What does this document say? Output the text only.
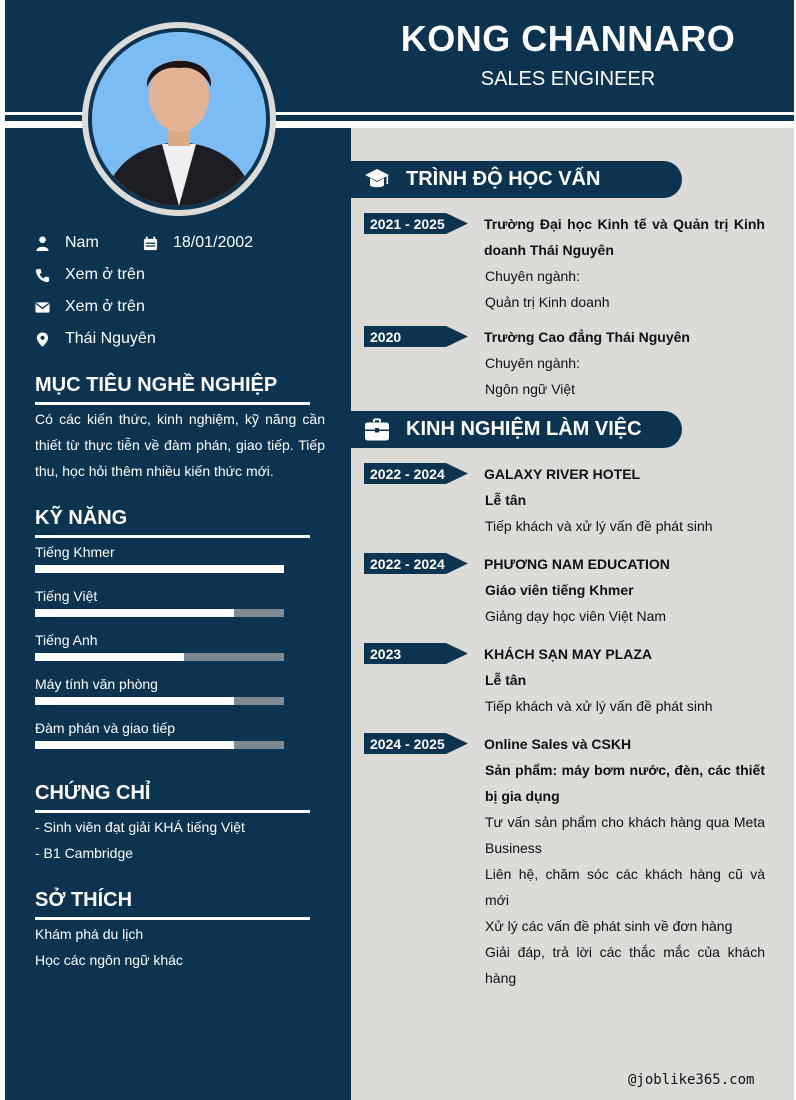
KONG CHANNARO
SALES ENGINEER
Nam	18/01/2002
Xem ở trên
Xem ở trên
Thái Nguyên
MỤC TIÊU NGHỀ NGHIỆP
Có các kiến thức, kinh nghiệm, kỹ năng cần thiết từ thực tiễn về đàm phán, giao tiếp. Tiếp thu, học hỏi thêm nhiều kiến thức mới.
KỸ NĂNG
Tiếng Khmer
Tiếng Việt
Tiếng Anh
Máy tính văn phòng
Đàm phán và giao tiếp
CHỨNG CHỈ
- Sinh viên đạt giải KHÁ tiếng Việt
- B1 Cambridge
SỞ THÍCH
Khám phá du lịch
Học các ngôn ngữ khác
TRÌNH ĐỘ HỌC VẤN
2021 - 2025	Trường Đại học Kinh tế và Quản trị Kinh doanh Thái Nguyên
Chuyên ngành:
Quản trị Kinh doanh
2020	Trường Cao đẳng Thái Nguyên
Chuyên ngành:
Ngôn ngữ Việt
KINH NGHIỆM LÀM VIỆC
2022 - 2024	GALAXY RIVER HOTEL
Lễ tân
Tiếp khách và xử lý vấn đề phát sinh
2022 - 2024	PHƯƠNG NAM EDUCATION
Giáo viên tiếng Khmer
Giảng dạy học viên Việt Nam
2023	KHÁCH SẠN MAY PLAZA
Lễ tân
Tiếp khách và xử lý vấn đề phát sinh
2024 - 2025	Online Sales và CSKH
Sản phẩm: máy bơm nước, đèn, các thiết bị gia dụng
Tư vấn sản phẩm cho khách hàng qua Meta Business
Liên hệ, chăm sóc các khách hàng cũ và mới
Xử lý các vấn đề phát sinh về đơn hàng
Giải đáp, trả lời các thắc mắc của khách hàng
@joblike365.com
